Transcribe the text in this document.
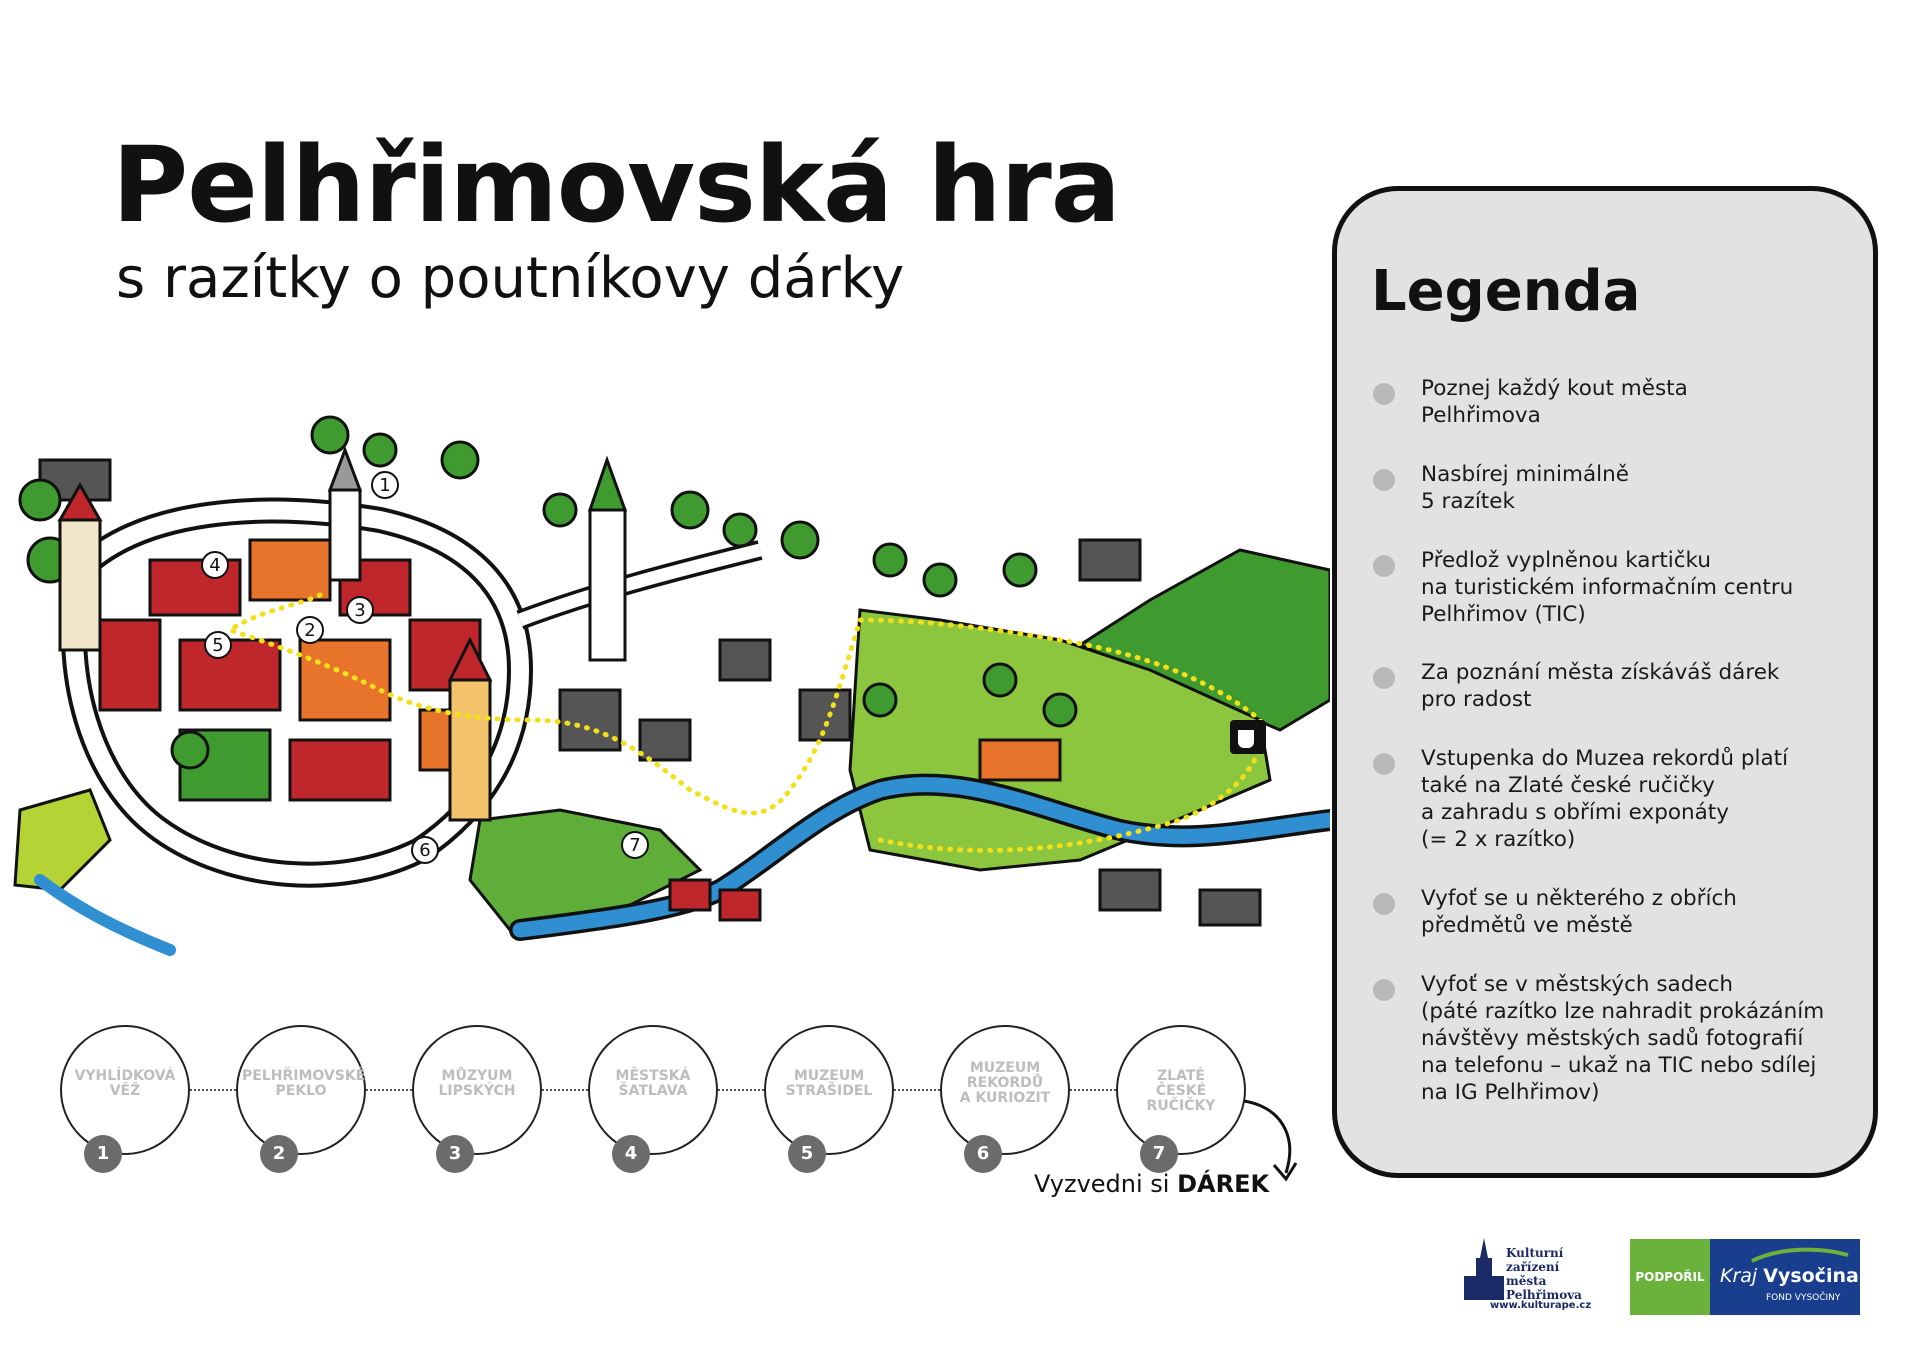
Pelhřimovská hra
s razítky o poutníkovy dárky
1
2
3
4
5
6	7
Legenda
Poznej každý kout města
Pelhřimova
Nasbírej minimálně
5 razítek
Předlož vyplněnou kartičku
na turistickém informačním centru
Pelhřimov (TIC)
Za poznání města získáváš dárek
pro radost
Vstupenka do Muzea rekordů platí
také na Zlaté české ručičky
a zahradu s obřími exponáty
(= 2 x razítko)
Vyfoť se u některého z obřích
předmětů ve městě
Vyfoť se v městských sadech
(páté razítko lze nahradit prokázáním
návštěvy městských sadů fotografií
na telefonu – ukaž na TIC nebo sdílej
na IG Pelhřimov)
VYHLÍDKOVÁ
VĚŽ
1
PELHŘIMOVSKÉ
PEKLO
2
MŮZYUM
LIPSKÝCH
3
MĚSTSKÁ
ŠATLAVA
4
MUZEUM
STRAŠIDEL
5
MUZEUM
REKORDŮ
A KURIOZIT
6
ZLATÉ
ČESKÉ RUČIČKY
7
Vyzvedni si DÁREK
Kulturní zařízení
města Pelhřimova
www.kulturape.cz
PODPOŘIL Kraj Vysočina
FOND VYSOČINY
